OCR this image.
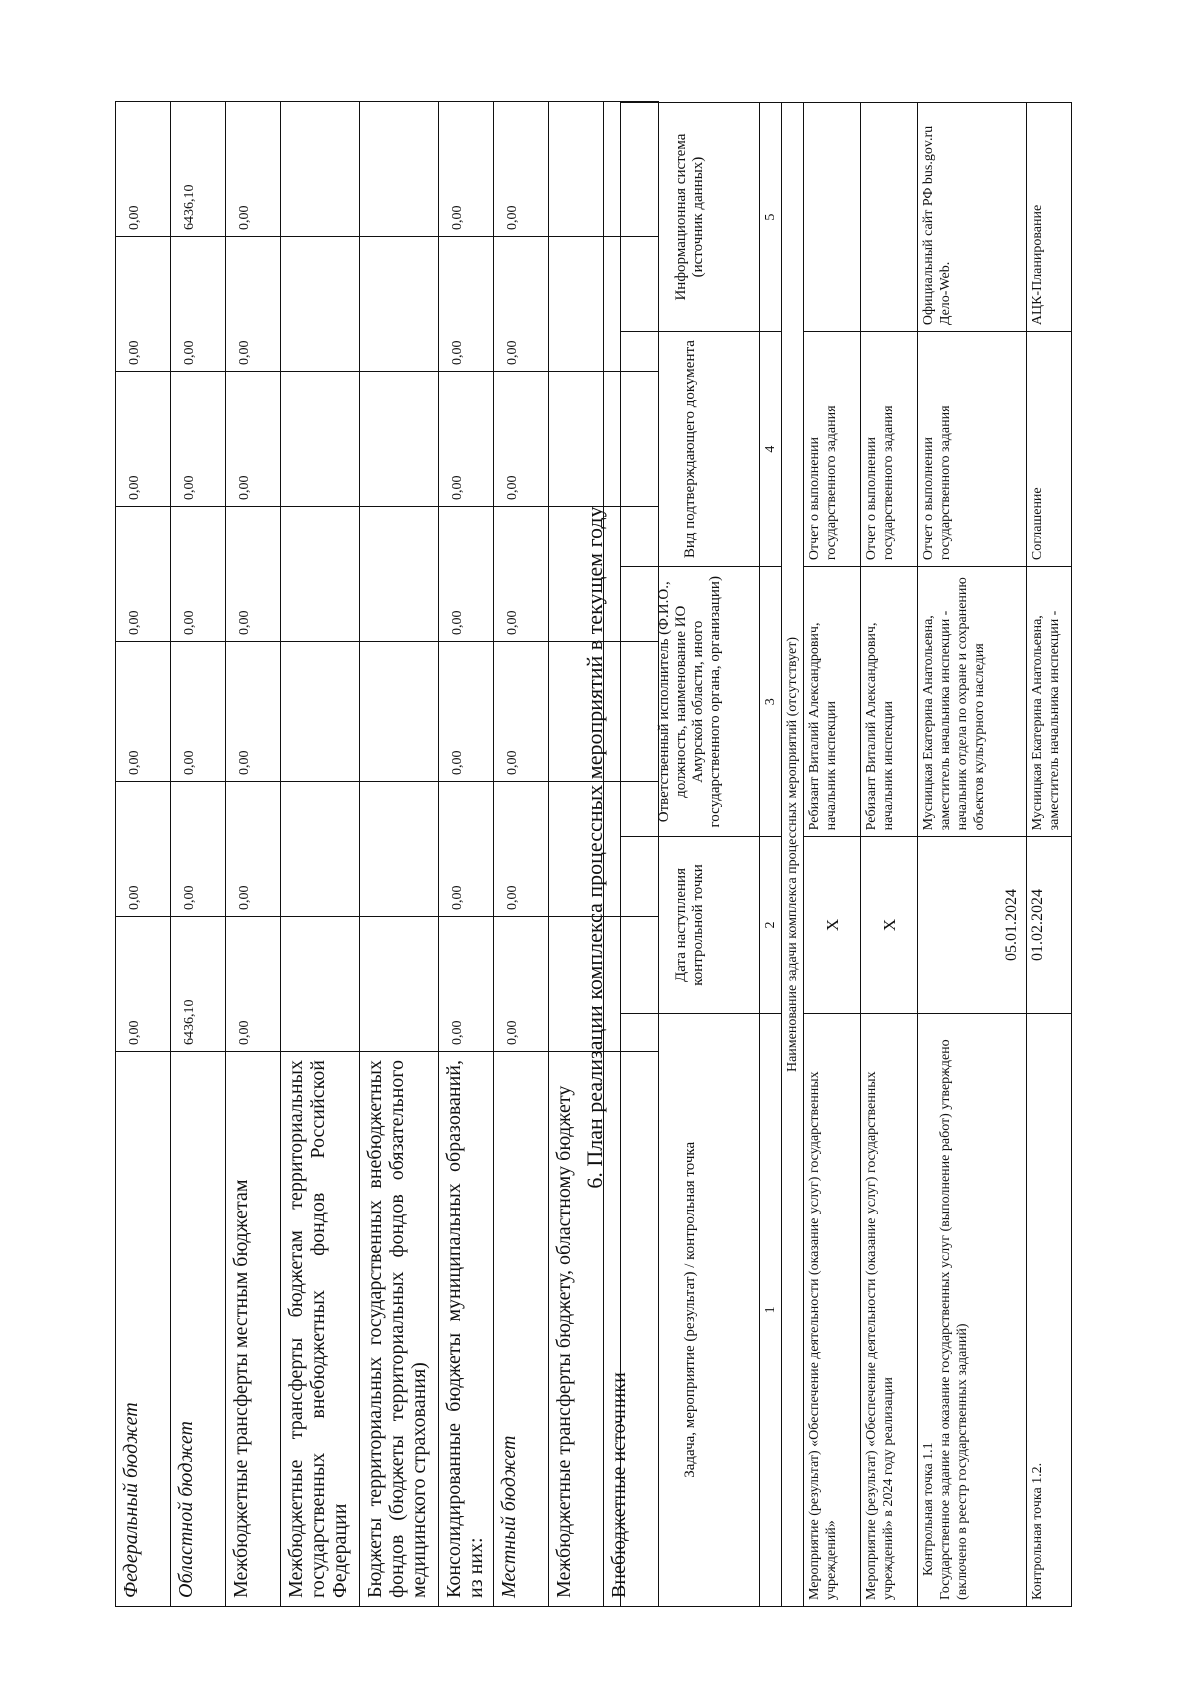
Федеральный бюджет	0,00	0,00	0,00	0,00	0,00	0,00	0,00
Областной бюджет	6436,10	0,00	0,00	0,00	0,00	0,00	6436,10
Межбюджетные трансферты местным бюджетам	0,00	0,00	0,00	0,00	0,00	0,00	0,00
Межбюджетные трансферты бюджетам территориальных государственных внебюджетных фондов Российской Федерации							
Бюджеты территориальных государственных внебюджетных фондов (бюджеты территориальных фондов обязательного медицинского страхования)							
Консолидированные бюджеты муниципальных образований, из них:	0,00	0,00	0,00	0,00	0,00	0,00	0,00
Местный бюджет	0,00	0,00	0,00	0,00	0,00	0,00	0,00
Межбюджетные трансферты бюджету, областному бюджету							
Внебюджетные источники							
6. План реализации комплекса процессных мероприятий в текущем году
Задача, мероприятие (результат) / контрольная точка	Дата наступления контрольной точки	Ответственный исполнитель (Ф.И.О., должность, наименование ИО Амурской области, иного государственного органа, организации)	Вид подтверждающего документа	Информационная система (источник данных)
1	2	3	4	5
Наименование задачи комплекса процессных мероприятий (отсутствует)				
Мероприятие (результат) «Обеспечение деятельности (оказание услуг) государственных учреждений»	X	Ребизант Виталий Александрович, начальник инспекции	Отчет о выполнении государственного задания	
Мероприятие (результат) «Обеспечение деятельности (оказание услуг) государственных учреждений» в 2024 году реализации	X	Ребизант Виталий Александрович, начальник инспекции	Отчет о выполнении государственного задания	

Контрольная точка 1.1 Государственное задание на оказание государственных услуг (выполнение работ) утверждено (включено в реестр государственных заданий)	05.01.2024	Мусницкая Екатерина Анатольевна, заместитель начальника инспекции - начальник отдела по охране и сохранению объектов культурного наследия	Отчет о выполнении государственного задания	Официальный сайт РФ bus.gov.ru Дело-Web.
Контрольная точка 1.2.	01.02.2024	Мусницкая Екатерина Анатольевна, заместитель начальника инспекции -	Соглашение	АЦК-Планирование
